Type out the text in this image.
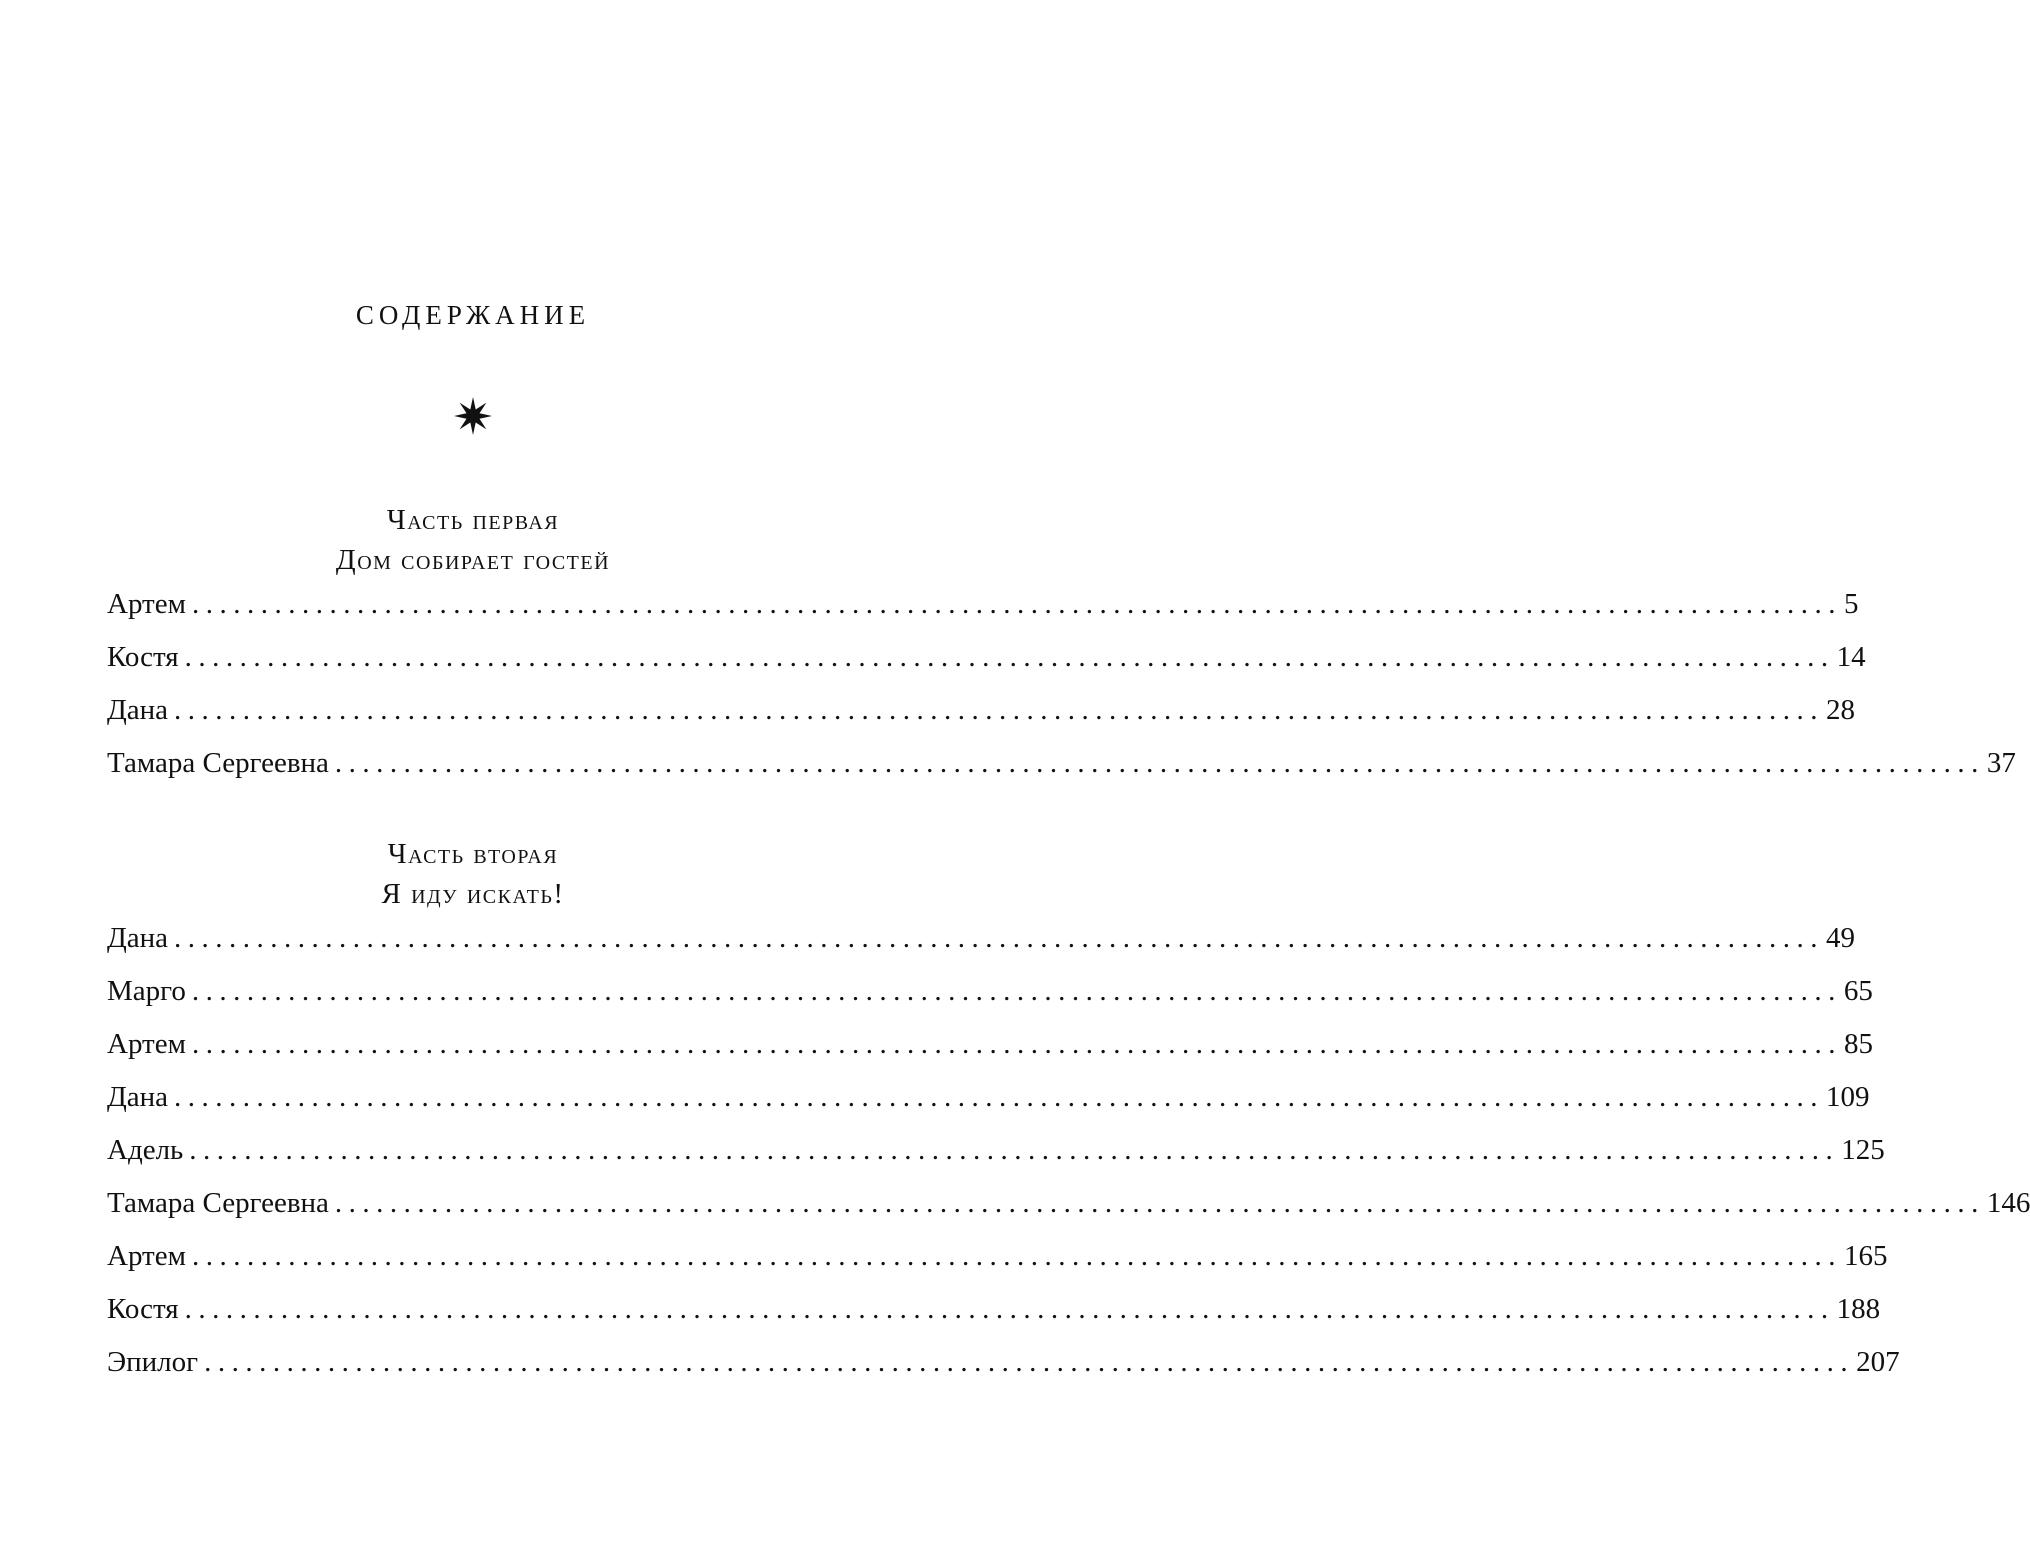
содержание
Часть первая
Дом собирает гостей
Артем ........................................................................................................................ 5
Костя ........................................................................................................................ 14
Дана ........................................................................................................................ 28
Тамара Сергеевна ........................................................................................................................ 37
Часть вторая
Я иду искать!
Дана ........................................................................................................................ 49
Марго ........................................................................................................................ 65
Артем ........................................................................................................................ 85
Дана ........................................................................................................................ 109
Адель ........................................................................................................................ 125
Тамара Сергеевна ........................................................................................................................ 146
Артем ........................................................................................................................ 165
Костя ........................................................................................................................ 188
Эпилог ........................................................................................................................ 207
